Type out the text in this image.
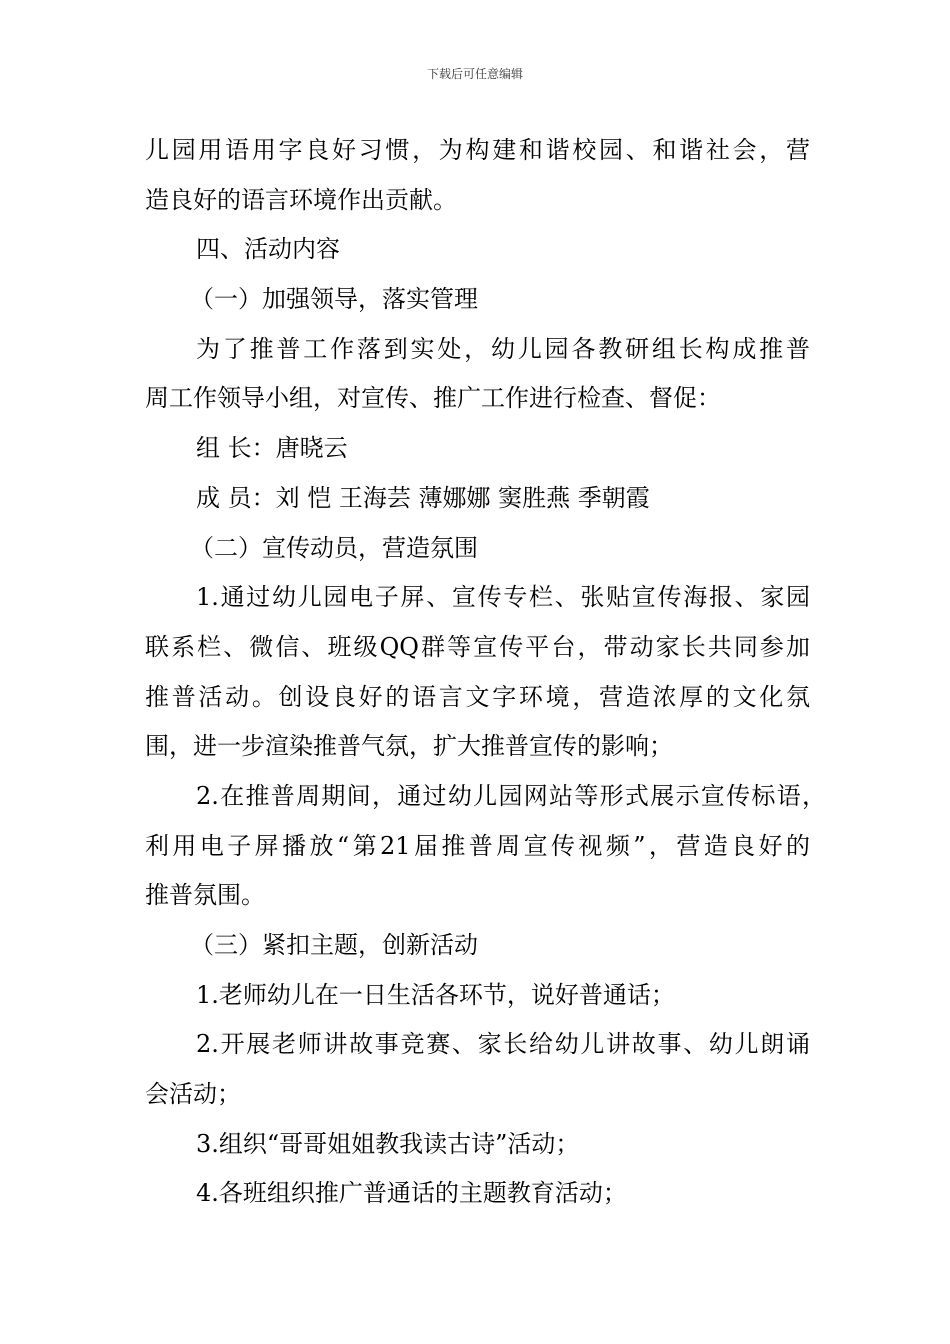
下载后可任意编辑
儿园用语用字良好习惯，为构建和谐校园、和谐社会，营
造良好的语言环境作出贡献。
四、活动内容
（一）加强领导，落实管理
为了推普工作落到实处，幼儿园各教研组长构成推普
周工作领导小组，对宣传、推广工作进行检查、督促：
组 长：唐晓云
成 员：刘 恺 王海芸 薄娜娜 窦胜燕 季朝霞
（二）宣传动员，营造氛围
1.通过幼儿园电子屏、宣传专栏、张贴宣传海报、家园
联系栏、微信、班级QQ群等宣传平台，带动家长共同参加
推普活动。创设良好的语言文字环境，营造浓厚的文化氛
围，进一步渲染推普气氛，扩大推普宣传的影响；
2.在推普周期间，通过幼儿园网站等形式展示宣传标语，
利用电子屏播放“第21届推普周宣传视频”，营造良好的
推普氛围。
（三）紧扣主题，创新活动
1.老师幼儿在一日生活各环节，说好普通话；
2.开展老师讲故事竞赛、家长给幼儿讲故事、幼儿朗诵
会活动；
3.组织“哥哥姐姐教我读古诗”活动；
4.各班组织推广普通话的主题教育活动；
